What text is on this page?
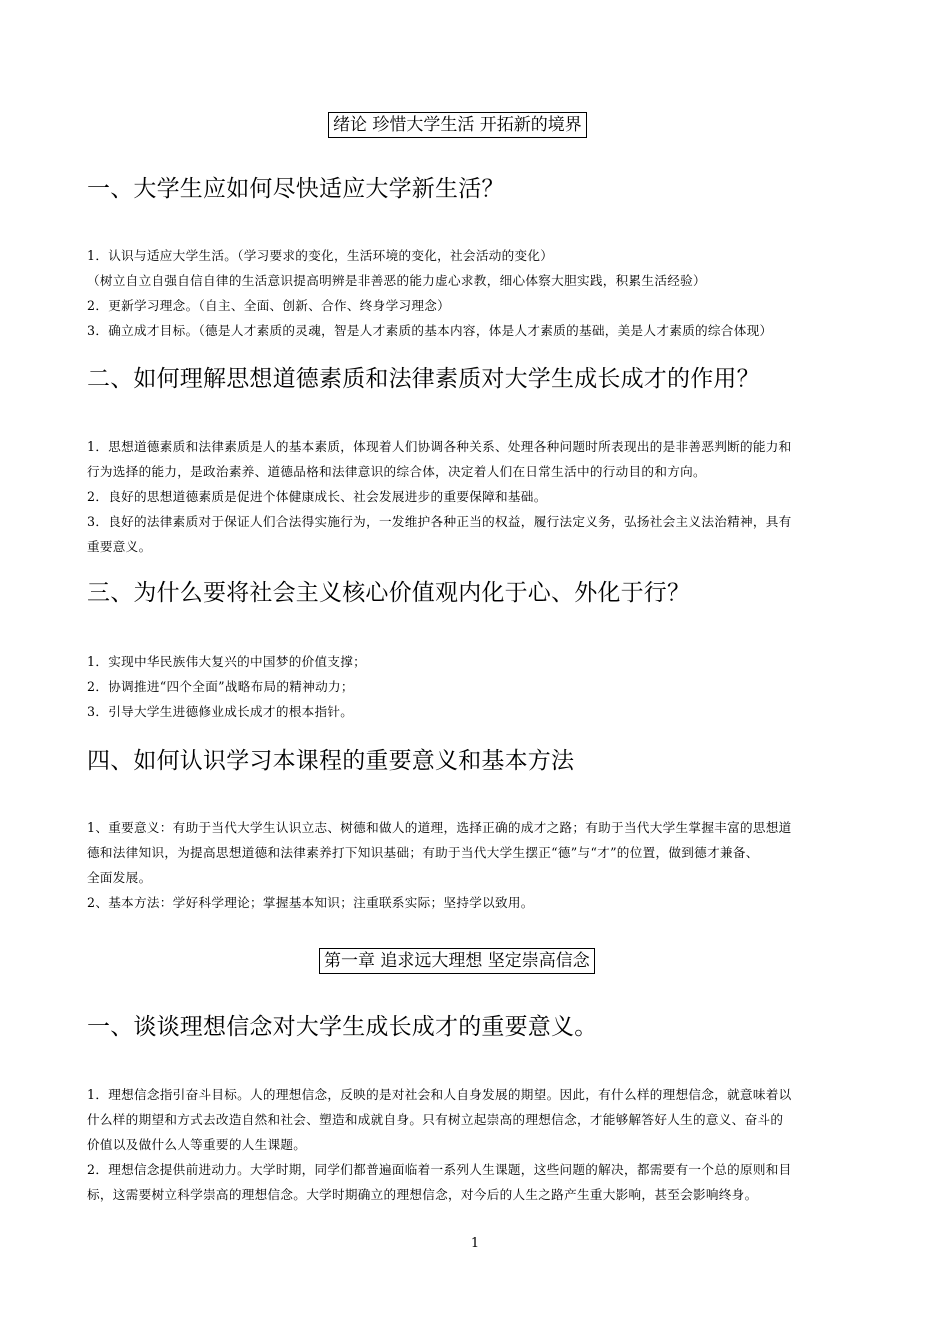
绪论 珍惜大学生活 开拓新的境界
一、大学生应如何尽快适应大学新生活？

1．认识与适应大学生活。（学习要求的变化，生活环境的变化，社会活动的变化）

（树立自立自强自信自律的生活意识提高明辨是非善恶的能力虚心求教，细心体察大胆实践，积累生活经验）

2．更新学习理念。（自主、全面、创新、合作、终身学习理念）

3．确立成才目标。（德是人才素质的灵魂，智是人才素质的基本内容，体是人才素质的基础，美是人才素质的综合体现）

二、如何理解思想道德素质和法律素质对大学生成长成才的作用？

1．思想道德素质和法律素质是人的基本素质，体现着人们协调各种关系、处理各种问题时所表现出的是非善恶判断的能力和

行为选择的能力，是政治素养、道德品格和法律意识的综合体，决定着人们在日常生活中的行动目的和方向。

2．良好的思想道德素质是促进个体健康成长、社会发展进步的重要保障和基础。

3．良好的法律素质对于保证人们合法得实施行为，一发维护各种正当的权益，履行法定义务，弘扬社会主义法治精神，具有

重要意义。

三、为什么要将社会主义核心价值观内化于心、外化于行？

1．实现中华民族伟大复兴的中国梦的价值支撑；

2．协调推进“四个全面”战略布局的精神动力；

3．引导大学生进德修业成长成才的根本指针。

四、如何认识学习本课程的重要意义和基本方法

1、重要意义：有助于当代大学生认识立志、树德和做人的道理，选择正确的成才之路；有助于当代大学生掌握丰富的思想道

德和法律知识，为提高思想道德和法律素养打下知识基础；有助于当代大学生摆正“德”与“才”的位置，做到德才兼备、

全面发展。

2、基本方法：学好科学理论；掌握基本知识；注重联系实际；坚持学以致用。

第一章 追求远大理想 坚定崇高信念
一、谈谈理想信念对大学生成长成才的重要意义。

1．理想信念指引奋斗目标。人的理想信念，反映的是对社会和人自身发展的期望。因此，有什么样的理想信念，就意味着以

什么样的期望和方式去改造自然和社会、塑造和成就自身。只有树立起崇高的理想信念，才能够解答好人生的意义、奋斗的

价值以及做什么人等重要的人生课题。

2．理想信念提供前进动力。大学时期，同学们都普遍面临着一系列人生课题，这些问题的解决，都需要有一个总的原则和目

标，这需要树立科学崇高的理想信念。大学时期确立的理想信念，对今后的人生之路产生重大影响，甚至会影响终身。

1
